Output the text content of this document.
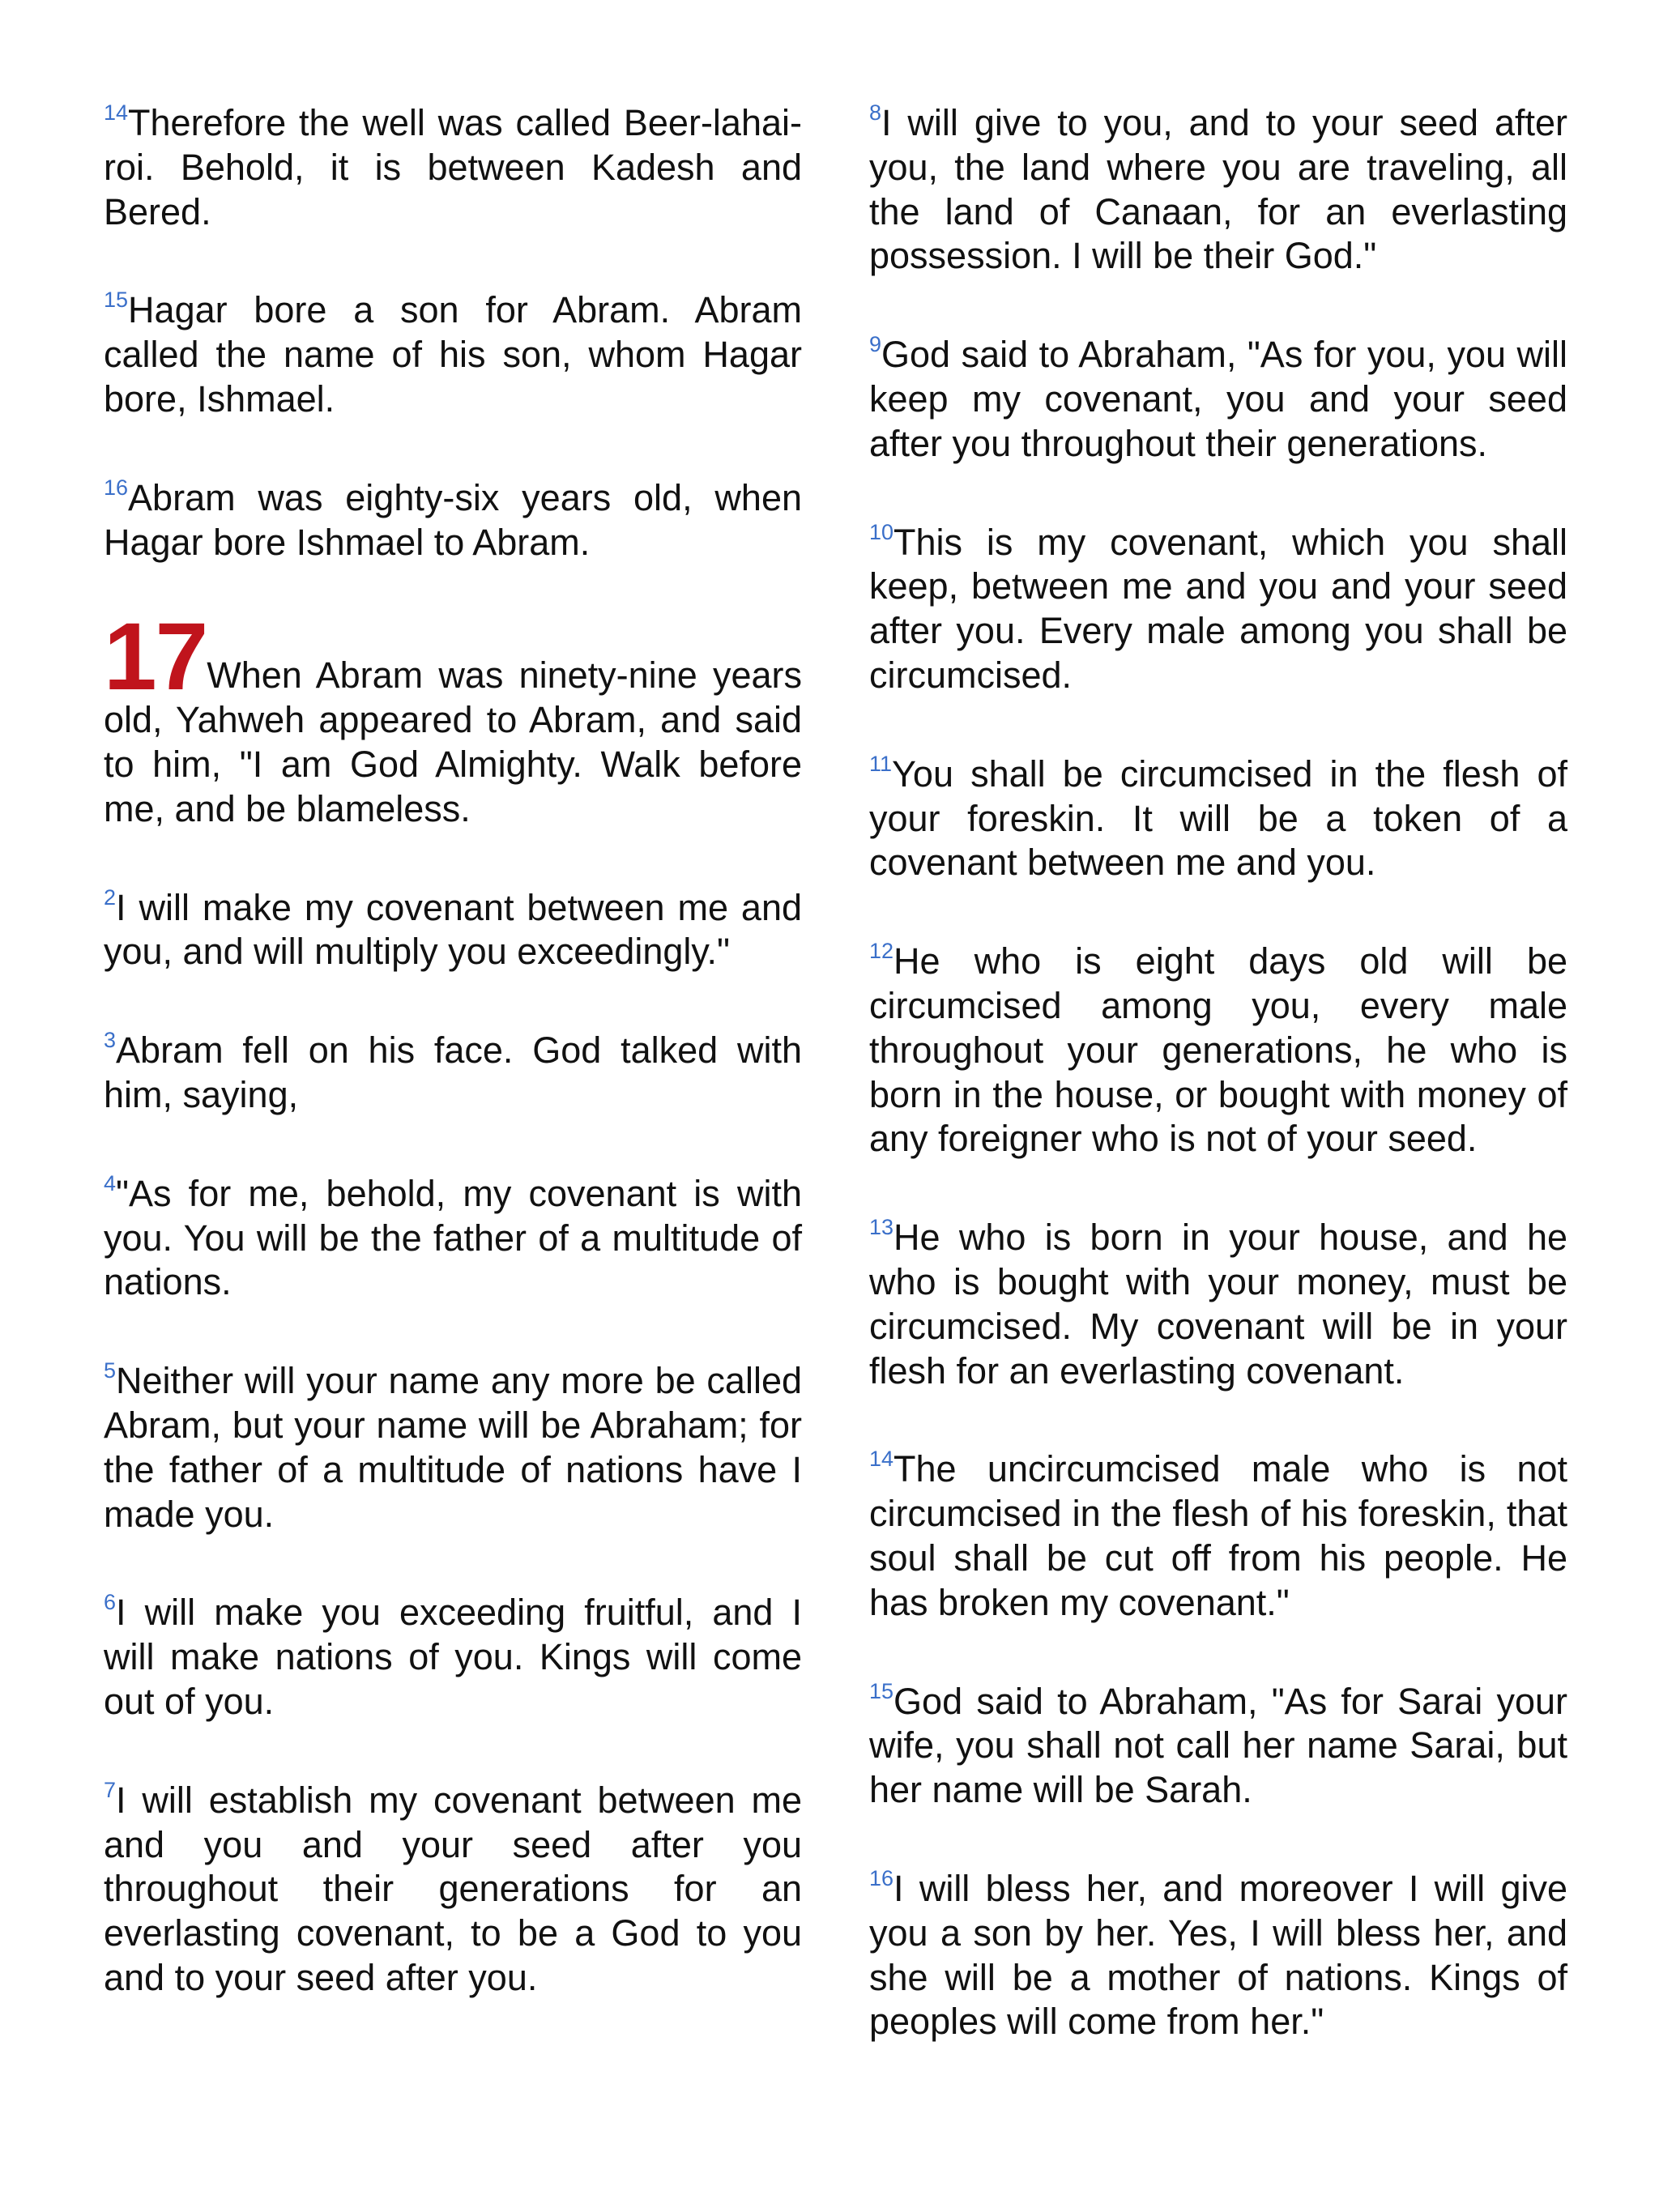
$^{14}$Therefore the well was called Beer-lahai-roi. Behold, it is between Kadesh and Bered.

$^{15}$Hagar bore a son for Abram. Abram called the name of his son, whom Hagar bore, Ishmael.

$^{16}$Abram was eighty-six years old, when Hagar bore Ishmael to Abram.

17When Abram was ninety-nine years old, Yahweh appeared to Abram, and said to him, "I am God Almighty. Walk before me, and be blameless.

$^2$I will make my covenant between me and you, and will multiply you exceedingly."

$^3$Abram fell on his face. God talked with him, saying,

$^4$"As for me, behold, my covenant is with you. You will be the father of a multitude of nations.

$^5$Neither will your name any more be called Abram, but your name will be Abraham; for the father of a multitude of nations have I made you.

$^6$I will make you exceeding fruitful, and I will make nations of you. Kings will come out of you.

$^7$I will establish my covenant between me and you and your seed after you throughout their generations for an everlasting covenant, to be a God to you and to your seed after you.

$^8$I will give to you, and to your seed after you, the land where you are traveling, all the land of Canaan, for an everlasting possession. I will be their God."

$^9$God said to Abraham, "As for you, you will keep my covenant, you and your seed after you throughout their generations.

$^{10}$This is my covenant, which you shall keep, between me and you and your seed after you. Every male among you shall be circumcised.

$^{11}$You shall be circumcised in the flesh of your foreskin. It will be a token of a covenant between me and you.

$^{12}$He who is eight days old will be circumcised among you, every male throughout your generations, he who is born in the house, or bought with money of any foreigner who is not of your seed.

$^{13}$He who is born in your house, and he who is bought with your money, must be circumcised. My covenant will be in your flesh for an everlasting covenant.

$^{14}$The uncircumcised male who is not circumcised in the flesh of his foreskin, that soul shall be cut off from his people. He has broken my covenant."

$^{15}$God said to Abraham, "As for Sarai your wife, you shall not call her name Sarai, but her name will be Sarah.

$^{16}$I will bless her, and moreover I will give you a son by her. Yes, I will bless her, and she will be a mother of nations. Kings of peoples will come from her."
